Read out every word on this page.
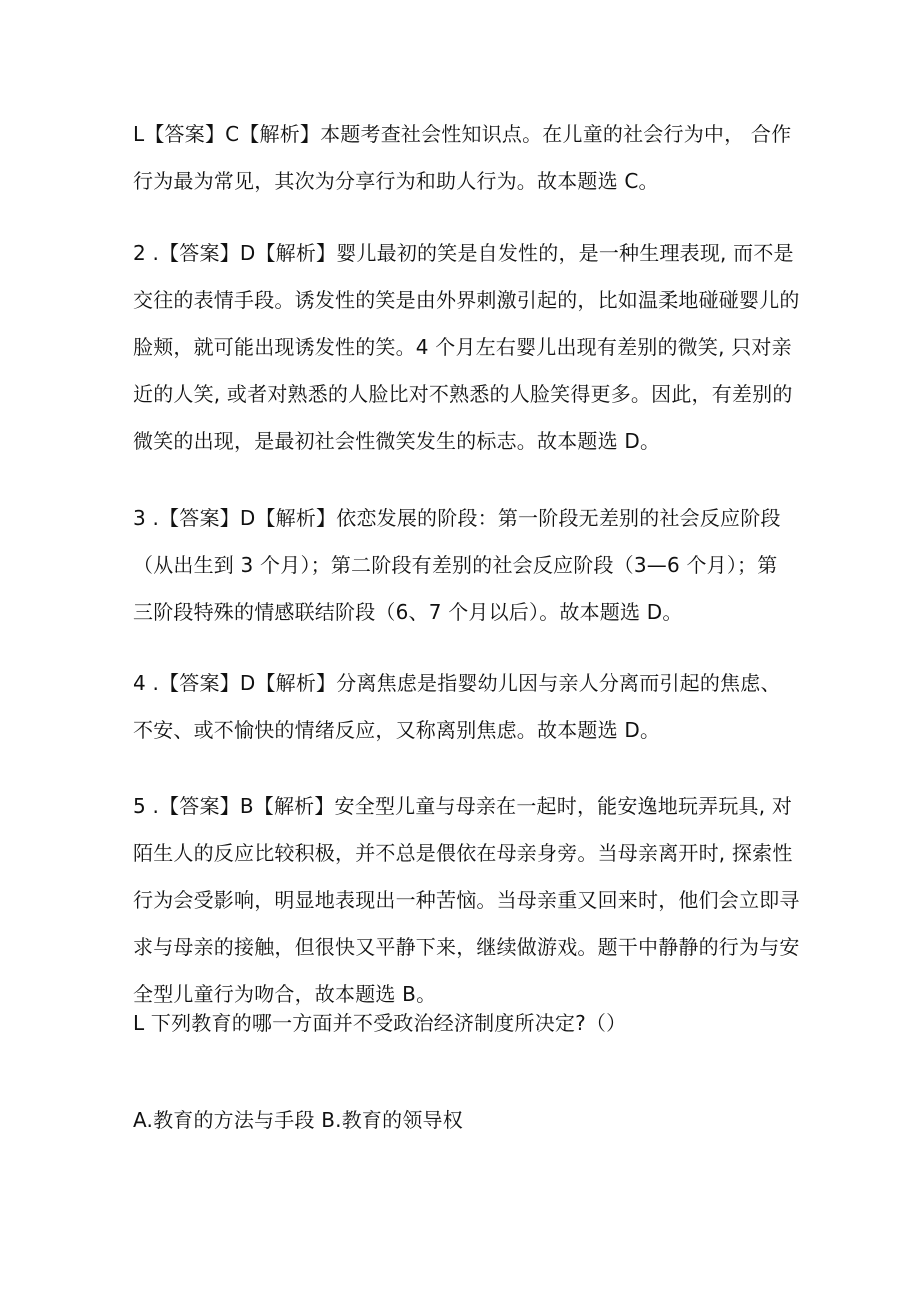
L【答案】C【解析】本题考查社会性知识点。在儿童的社会行为中， 合作
行为最为常见，其次为分享行为和助人行为。故本题选 C。
2 .【答案】D【解析】婴儿最初的笑是自发性的，是一种生理表现, 而不是
交往的表情手段。诱发性的笑是由外界刺激引起的，比如温柔地碰碰婴儿的
脸颊，就可能出现诱发性的笑。4 个月左右婴儿出现有差别的微笑, 只对亲
近的人笑, 或者对熟悉的人脸比对不熟悉的人脸笑得更多。因此，有差别的
微笑的出现，是最初社会性微笑发生的标志。故本题选 D。
3 .【答案】D【解析】依恋发展的阶段：第一阶段无差别的社会反应阶段
（从出生到 3 个月）；第二阶段有差别的社会反应阶段（3—6 个月）；第
三阶段特殊的情感联结阶段（6、7 个月以后）。故本题选 D。
4 .【答案】D【解析】分离焦虑是指婴幼儿因与亲人分离而引起的焦虑、
不安、或不愉快的情绪反应，又称离别焦虑。故本题选 D。
5 .【答案】B【解析】安全型儿童与母亲在一起时，能安逸地玩弄玩具, 对
陌生人的反应比较积极，并不总是偎依在母亲身旁。当母亲离开时, 探索性
行为会受影响，明显地表现出一种苦恼。当母亲重又回来时，他们会立即寻
求与母亲的接触，但很快又平静下来，继续做游戏。题干中静静的行为与安
全型儿童行为吻合，故本题选 B。
L 下列教育的哪一方面并不受政治经济制度所决定?（）
A.教育的方法与手段 B.教育的领导权
